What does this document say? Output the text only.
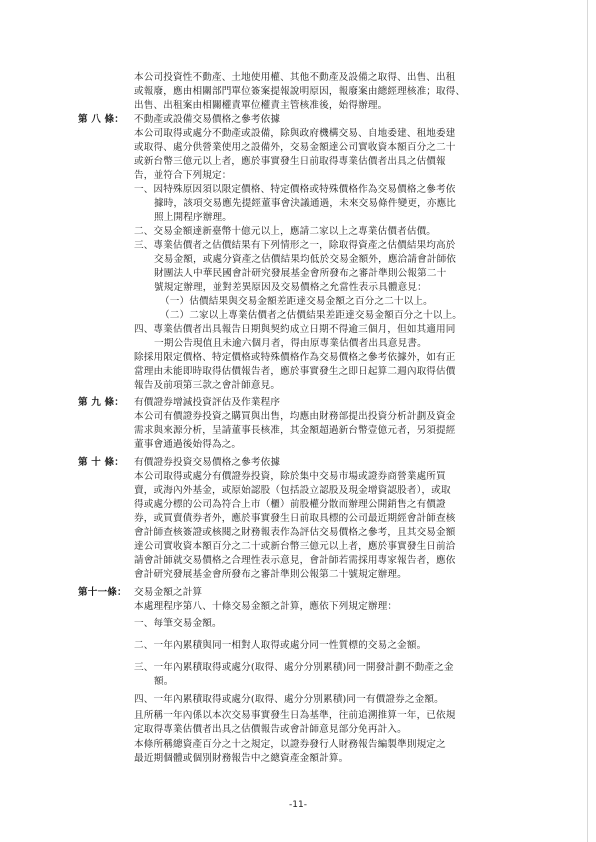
本公司投資性不動產、土地使用權、其他不動產及設備之取得、出售、出租
或報廢，應由相關部門單位簽案提報說明原因，報廢案由總經理核准；取得、
出售、出租案由相關權責單位權責主管核准後，始得辦理。
第 八 條： 不動產或設備交易價格之參考依據
本公司取得或處分不動產或設備，除與政府機構交易、自地委建、租地委建
或取得、處分供營業使用之設備外，交易金額達公司實收資本額百分之二十
或新台幣三億元以上者，應於事實發生日前取得專業估價者出具之估價報
告，並符合下列規定：
一、因特殊原因須以限定價格、特定價格或特殊價格作為交易價格之參考依
據時，該項交易應先提經董事會決議通過，未來交易條件變更，亦應比
照上開程序辦理。
二、交易金額達新臺幣十億元以上，應請二家以上之專業估價者估價。
三、專業估價者之估價結果有下列情形之一，除取得資產之估價結果均高於
交易金額，或處分資產之估價結果均低於交易金額外，應洽請會計師依
財團法人中華民國會計研究發展基金會所發布之審計準則公報第二十
號規定辦理，並對差異原因及交易價格之允當性表示具體意見：
（一）估價結果與交易金額差距達交易金額之百分之二十以上。
（二）二家以上專業估價者之估價結果差距達交易金額百分之十以上。
四、專業估價者出具報告日期與契約成立日期不得逾三個月，但如其適用同
一期公告現值且未逾六個月者，得由原專業估價者出具意見書。
除採用限定價格、特定價格或特殊價格作為交易價格之參考依據外，如有正
當理由未能即時取得估價報告者，應於事實發生之即日起算二週內取得估價
報告及前項第三款之會計師意見。
第 九 條： 有價證券增減投資評估及作業程序
本公司有價證券投資之購買與出售，均應由財務部提出投資分析計劃及資金
需求與來源分析，呈請董事長核准，其金額超過新台幣壹億元者，另須提經
董事會通過後始得為之。
第 十 條： 有價證券投資交易價格之參考依據
本公司取得或處分有價證券投資，除於集中交易市場或證券商營業處所買
賣，或海內外基金，或原始認股（包括設立認股及現金增資認股者），或取
得或處分標的公司為符合上市（櫃）前股權分散而辦理公開銷售之有價證
券，或買賣債券者外，應於事實發生日前取具標的公司最近期經會計師查核
會計師查核簽證或核閱之財務報表作為評估交易價格之參考，且其交易金額
達公司實收資本額百分之二十或新台幣三億元以上者，應於事實發生日前洽
請會計師就交易價格之合理性表示意見，會計師若需採用專家報告者，應依
會計研究發展基金會所發布之審計準則公報第二十號規定辦理。
第十一條： 交易金額之計算
本處理程序第八、十條交易金額之計算，應依下列規定辦理：
一、每筆交易金額。
二、一年內累積與同一相對人取得或處分同一性質標的交易之金額。
三、一年內累積取得或處分(取得、處分分別累積)同一開發計劃不動產之金
額。
四、一年內累積取得或處分(取得、處分分別累積)同一有價證券之金額。
且所稱一年內係以本次交易事實發生日為基準，往前追溯推算一年，已依規
定取得專業估價者出具之估價報告或會計師意見部分免再計入。
本條所稱總資產百分之十之規定，以證券發行人財務報告編製準則規定之
最近期個體或個別財務報告中之總資產金額計算。
-11-
